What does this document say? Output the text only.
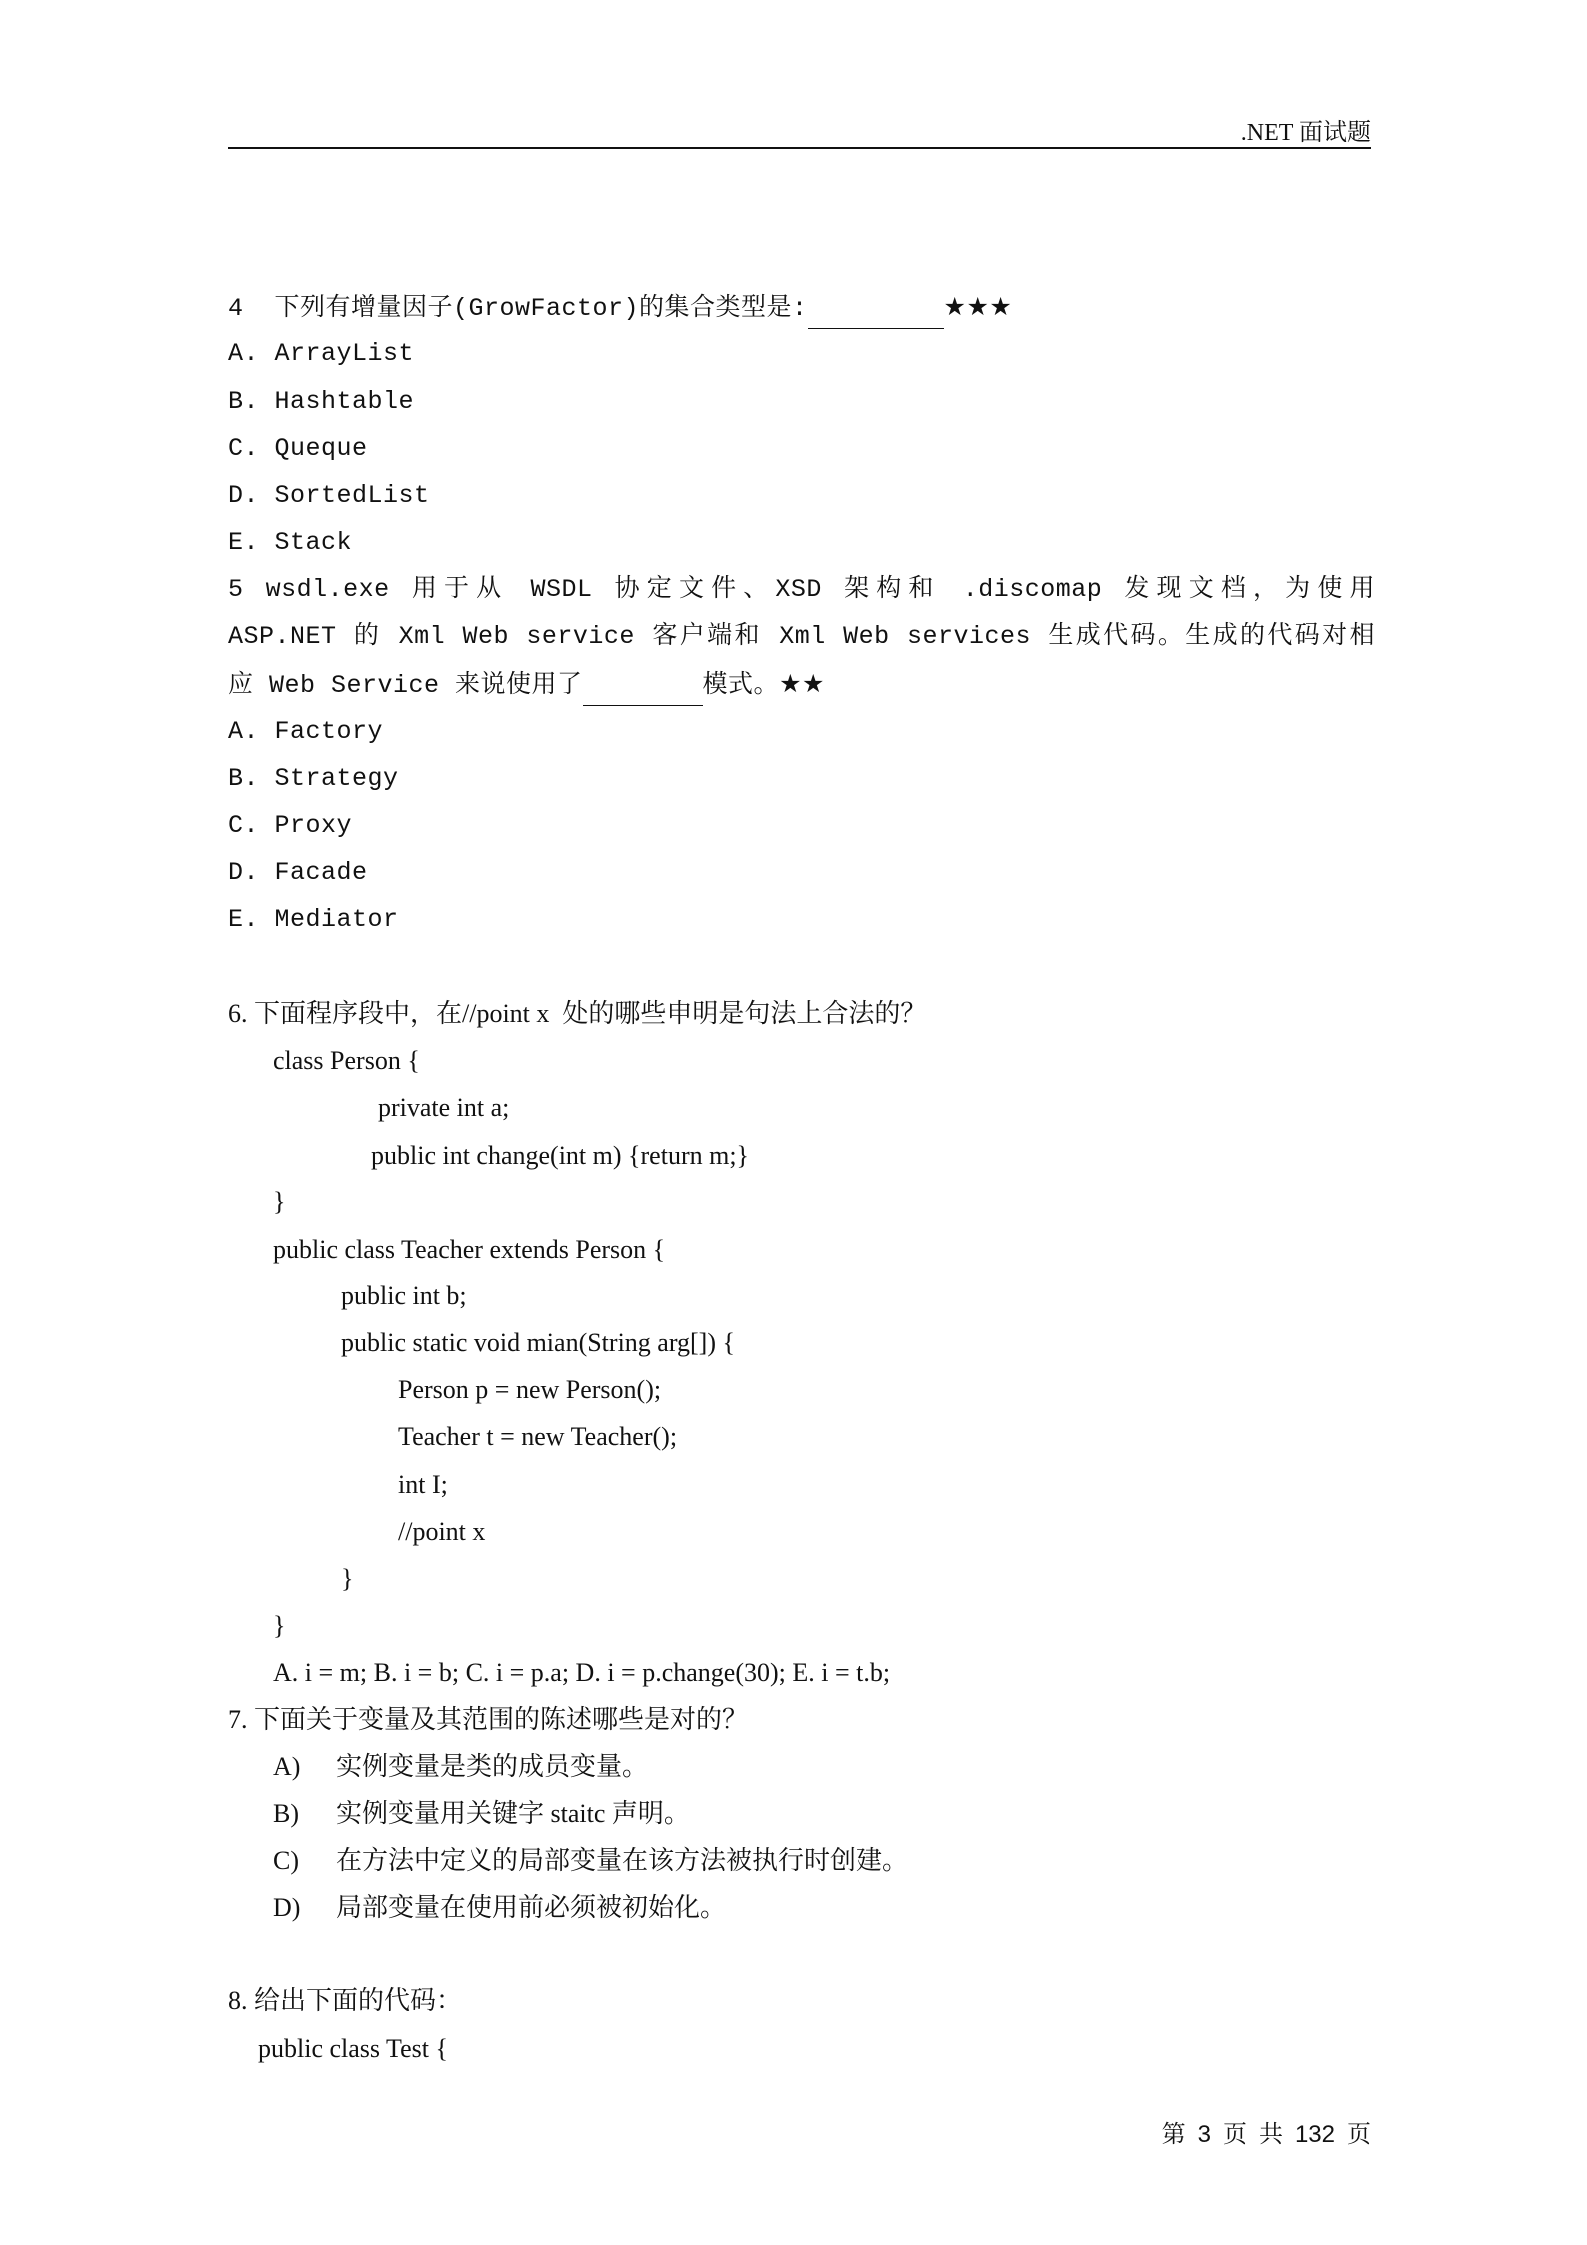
.NET 面试题
4  下列有增量因子(GrowFactor)的集合类型是:	★★★
A. ArrayList
B. Hashtable
C. Queque
D. SortedList
E. Stack
5 wsdl.exe 用于从 WSDL 协定文件、XSD 架构和 .discomap 发现文档，为使用
ASP.NET 的 Xml Web service 客户端和 Xml Web services 生成代码。生成的代码对相
应 Web Service 来说使用了	模式。★★
A. Factory
B. Strategy
C. Proxy
D. Facade
E. Mediator
6. 下面程序段中，在//point x  处的哪些申明是句法上合法的？
class Person {
private int a;
public int change(int m) {return m;}
}
public class Teacher extends Person {
public int b;
public static void mian(String arg[]) {
Person p = new Person();
Teacher t = new Teacher();
int I;
//point x
}
}
A. i = m; B. i = b; C. i = p.a; D. i = p.change(30); E. i = t.b;
7. 下面关于变量及其范围的陈述哪些是对的？
A) 实例变量是类的成员变量。
B) 实例变量用关键字 staitc 声明。
C) 在方法中定义的局部变量在该方法被执行时创建。
D) 局部变量在使用前必须被初始化。
8. 给出下面的代码：
public class Test {
第 3 页 共 132 页
